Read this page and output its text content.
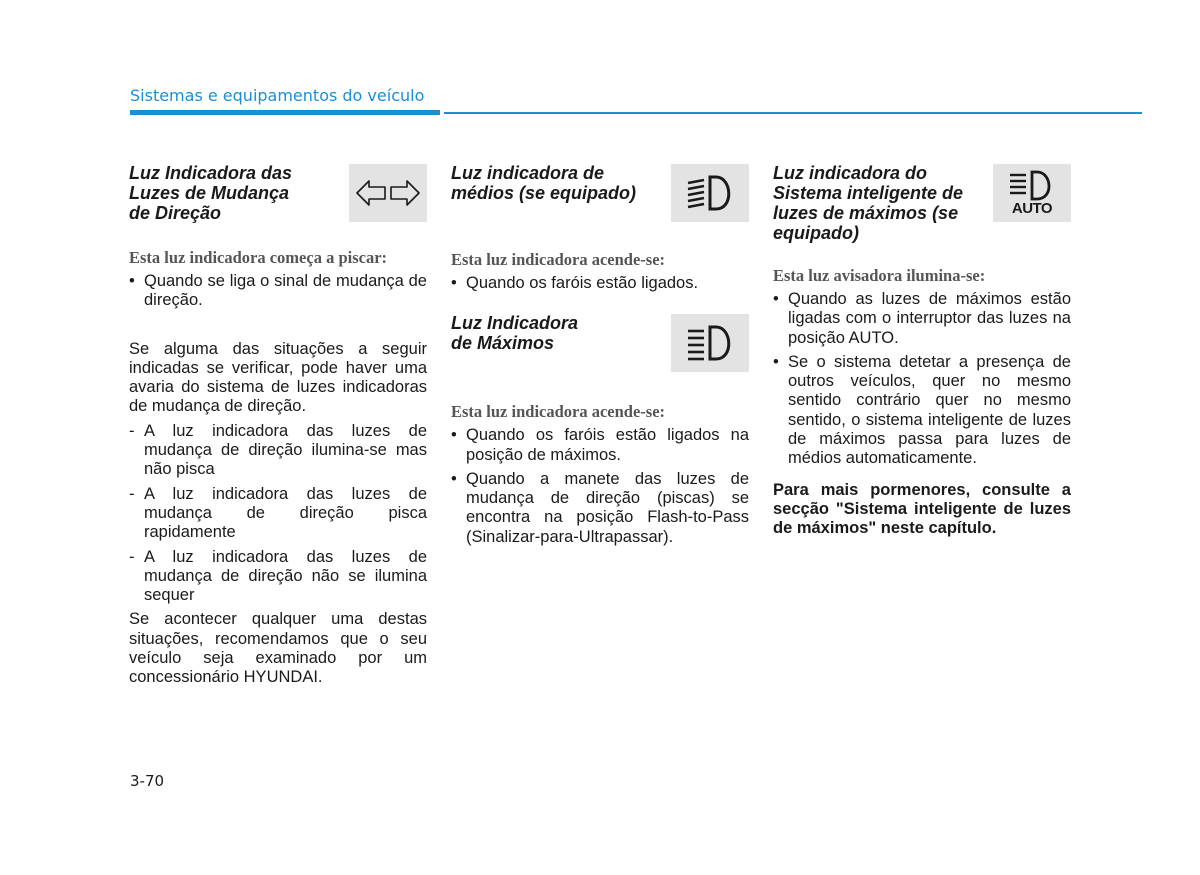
Sistemas e equipamentos do veículo
Luz Indicadora das
Luzes de Mudança
de Direção

Esta luz indicadora começa a piscar:

• Quando se liga o sinal de mudança de direção.

Se alguma das situações a seguir indicadas se verificar, pode haver uma avaria do sistema de luzes indicadoras de mudança de direção.

- A luz indicadora das luzes de mudança de direção ilumina-se mas não pisca
- A luz indicadora das luzes de mudança de direção pisca rapidamente
- A luz indicadora das luzes de mudança de direção não se ilumina sequer

Se acontecer qualquer uma destas situações, recomendamos que o seu veículo seja examinado por um concessionário HYUNDAI.

Luz indicadora de
médios (se equipado)

Esta luz indicadora acende-se:

• Quando os faróis estão ligados.
Luz Indicadora
de Máximos

Esta luz indicadora acende-se:

• Quando os faróis estão ligados na posição de máximos.
• Quando a manete das luzes de mudança de direção (piscas) se encontra na posição Flash-to-Pass (Sinalizar-para-Ultrapassar).
Luz indicadora do
Sistema inteligente de
luzes de máximos (se
equipado)
AUTO

Esta luz avisadora ilumina-se:

• Quando as luzes de máximos estão ligadas com o interruptor das luzes na posição AUTO.
• Se o sistema detetar a presença de outros veículos, quer no mesmo sentido contrário quer no mesmo sentido, o sistema inteligente de luzes de máximos passa para luzes de médios automaticamente.

Para mais pormenores, consulte a secção "Sistema inteligente de luzes de máximos" neste capítulo.

3-70
